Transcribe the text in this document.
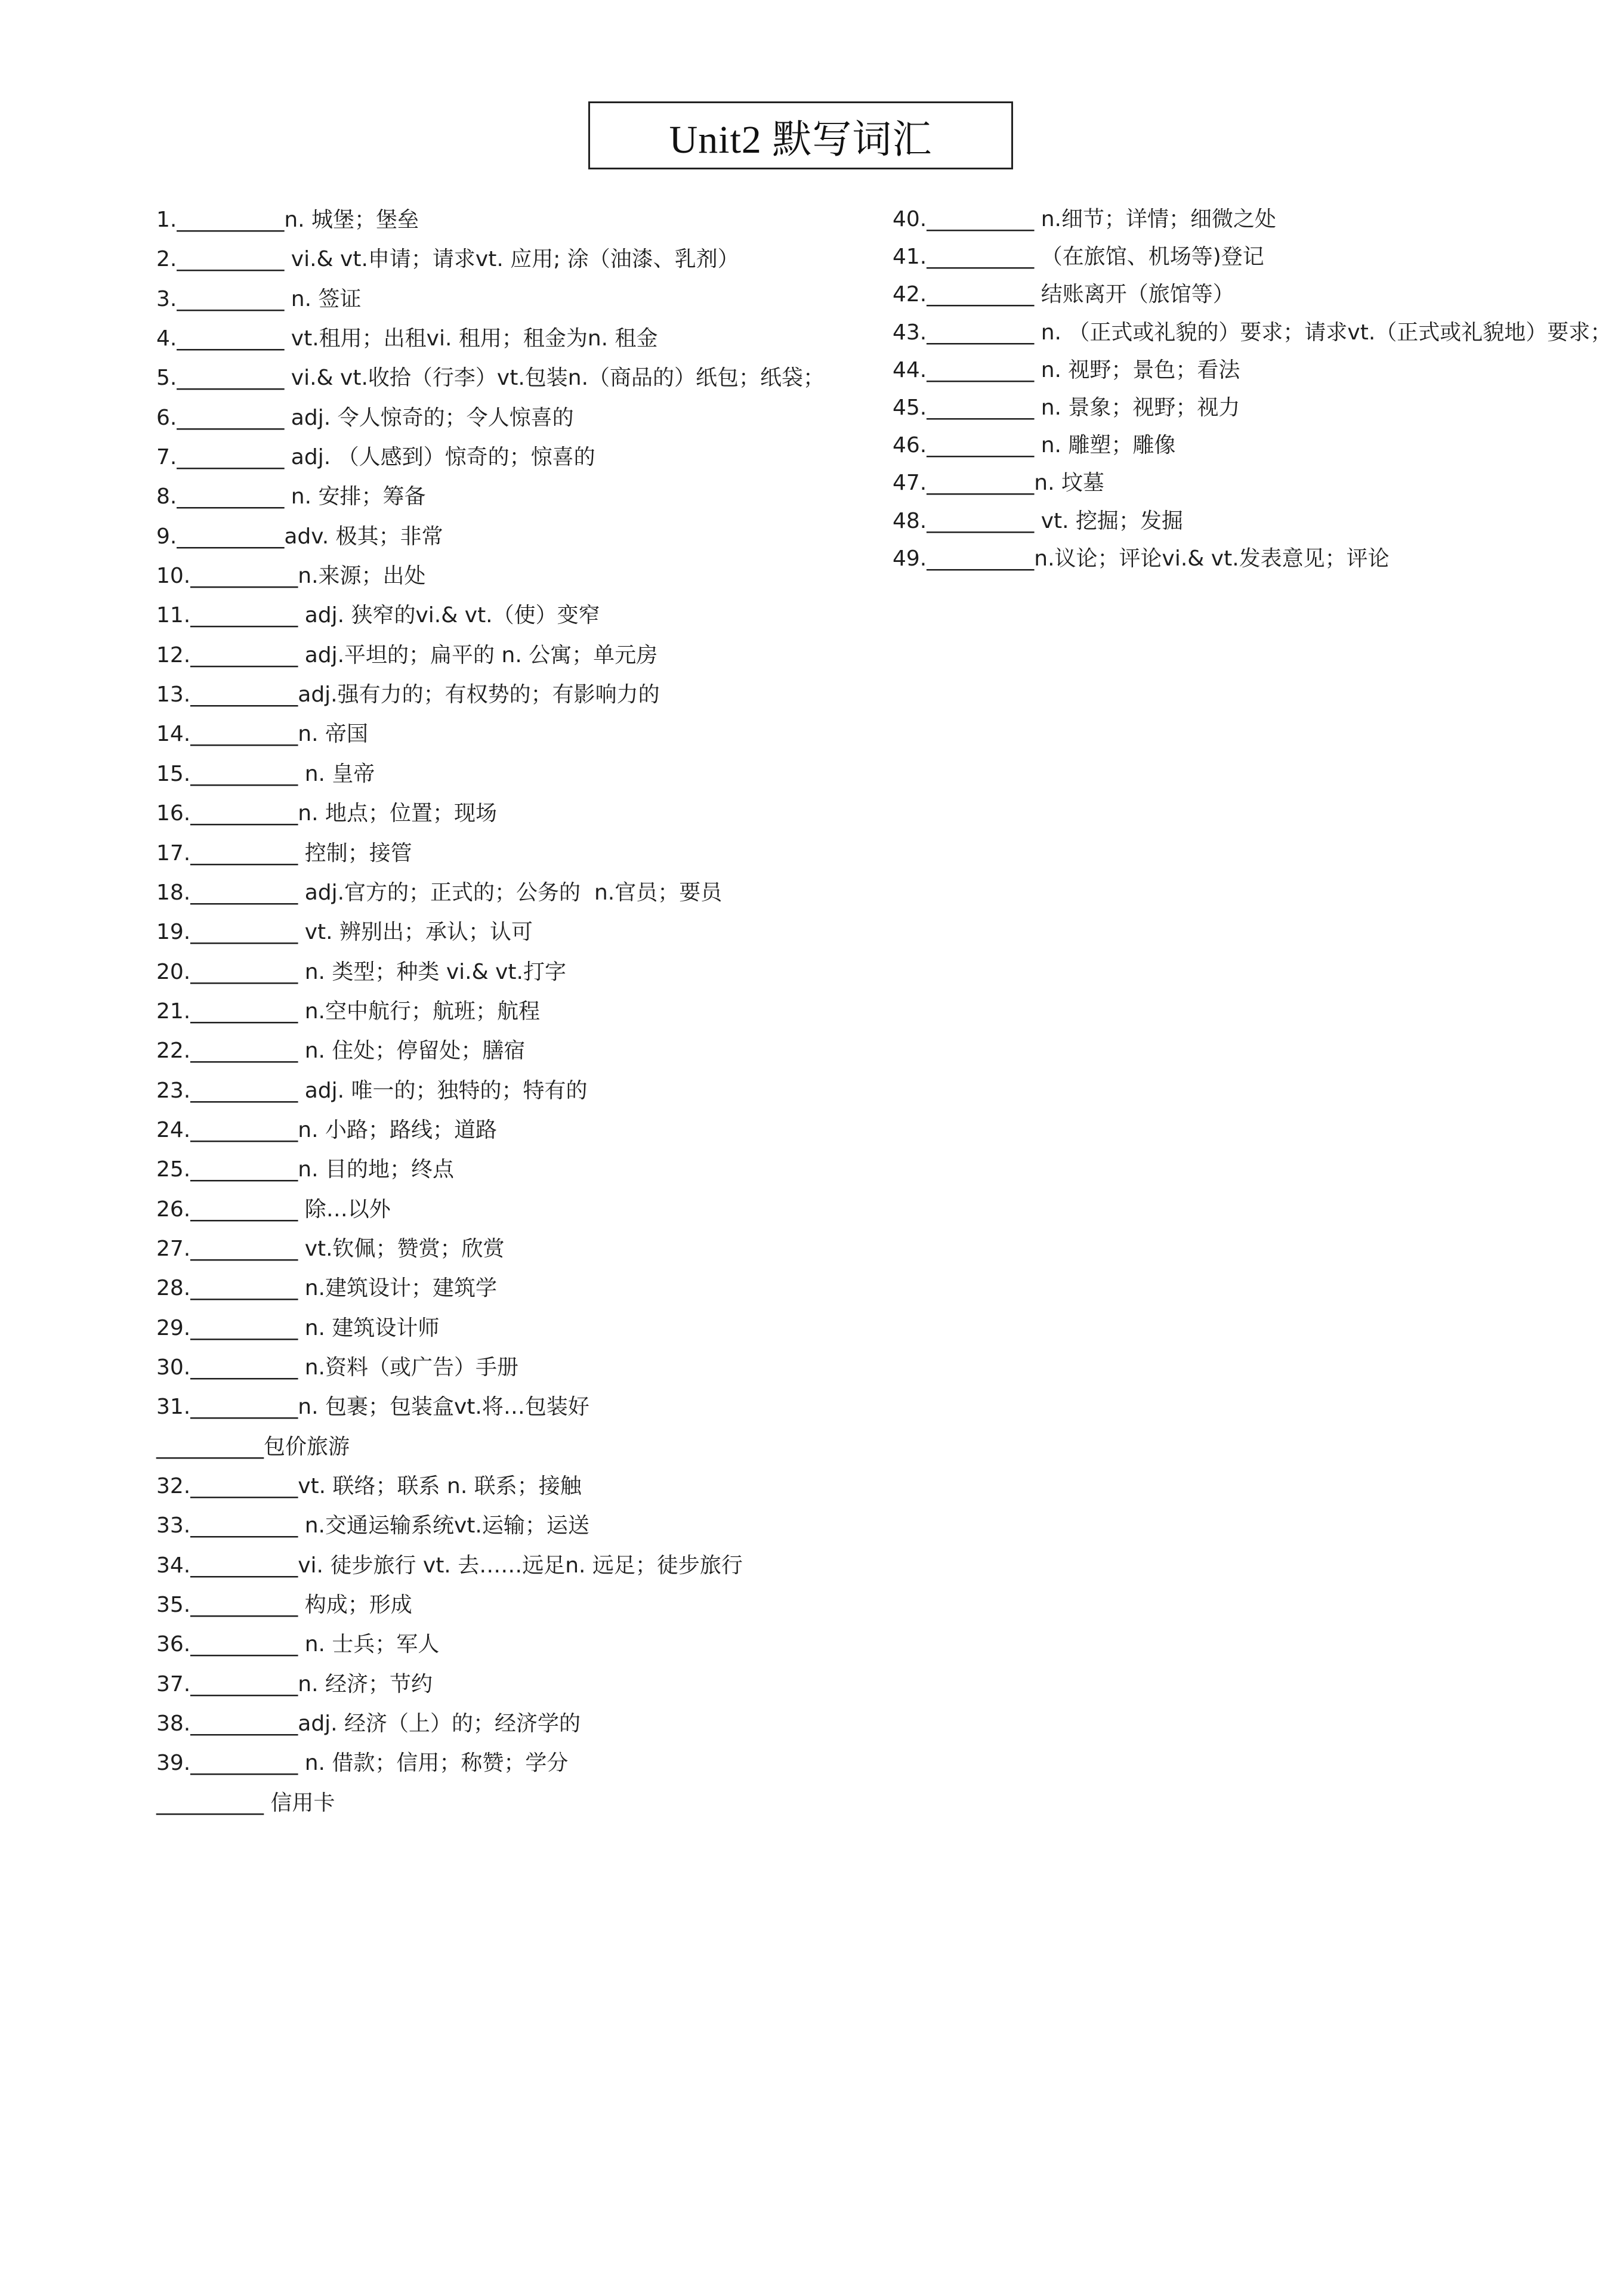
Unit2 默写词汇
1.__________n. 城堡；堡垒
2.__________ vi.& vt.申请；请求vt. 应用; 涂（油漆、乳剂）
3.__________ n. 签证
4.__________ vt.租用；出租vi. 租用；租金为n. 租金
5.__________ vi.& vt.收拾（行李）vt.包装n.（商品的）纸包；纸袋；
6.__________ adj. 令人惊奇的；令人惊喜的
7.__________ adj. （人感到）惊奇的；惊喜的
8.__________ n. 安排；筹备
9.__________adv. 极其；非常
10.__________n.来源；出处
11.__________ adj. 狭窄的vi.& vt.（使）变窄
12.__________ adj.平坦的；扁平的 n. 公寓；单元房
13.__________adj.强有力的；有权势的；有影响力的
14.__________n. 帝国
15.__________ n. 皇帝
16.__________n. 地点；位置；现场
17.__________ 控制；接管
18.__________ adj.官方的；正式的；公务的  n.官员；要员
19.__________ vt. 辨别出；承认；认可
20.__________ n. 类型；种类 vi.& vt.打字
21.__________ n.空中航行；航班；航程
22.__________ n. 住处；停留处；膳宿
23.__________ adj. 唯一的；独特的；特有的
24.__________n. 小路；路线；道路
25.__________n. 目的地；终点
26.__________ 除…以外
27.__________ vt.钦佩；赞赏；欣赏
28.__________ n.建筑设计；建筑学
29.__________ n. 建筑设计师
30.__________ n.资料（或广告）手册
31.__________n. 包裹；包装盒vt.将…包装好
__________包价旅游
32.__________vt. 联络；联系 n. 联系；接触
33.__________ n.交通运输系统vt.运输；运送
34.__________vi. 徒步旅行 vt. 去……远足n. 远足；徒步旅行
35.__________ 构成；形成
36.__________ n. 士兵；军人
37.__________n. 经济；节约
38.__________adj. 经济（上）的；经济学的
39.__________ n. 借款；信用；称赞；学分
__________ 信用卡
40.__________ n.细节；详情；细微之处
41.__________ （在旅馆、机场等)登记
42.__________ 结账离开（旅馆等）
43.__________ n. （正式或礼貌的）要求；请求vt.（正式或礼貌地）要求；
44.__________ n. 视野；景色；看法
45.__________ n. 景象；视野；视力
46.__________ n. 雕塑；雕像
47.__________n. 坟墓
48.__________ vt. 挖掘；发掘
49.__________n.议论；评论vi.& vt.发表意见；评论
